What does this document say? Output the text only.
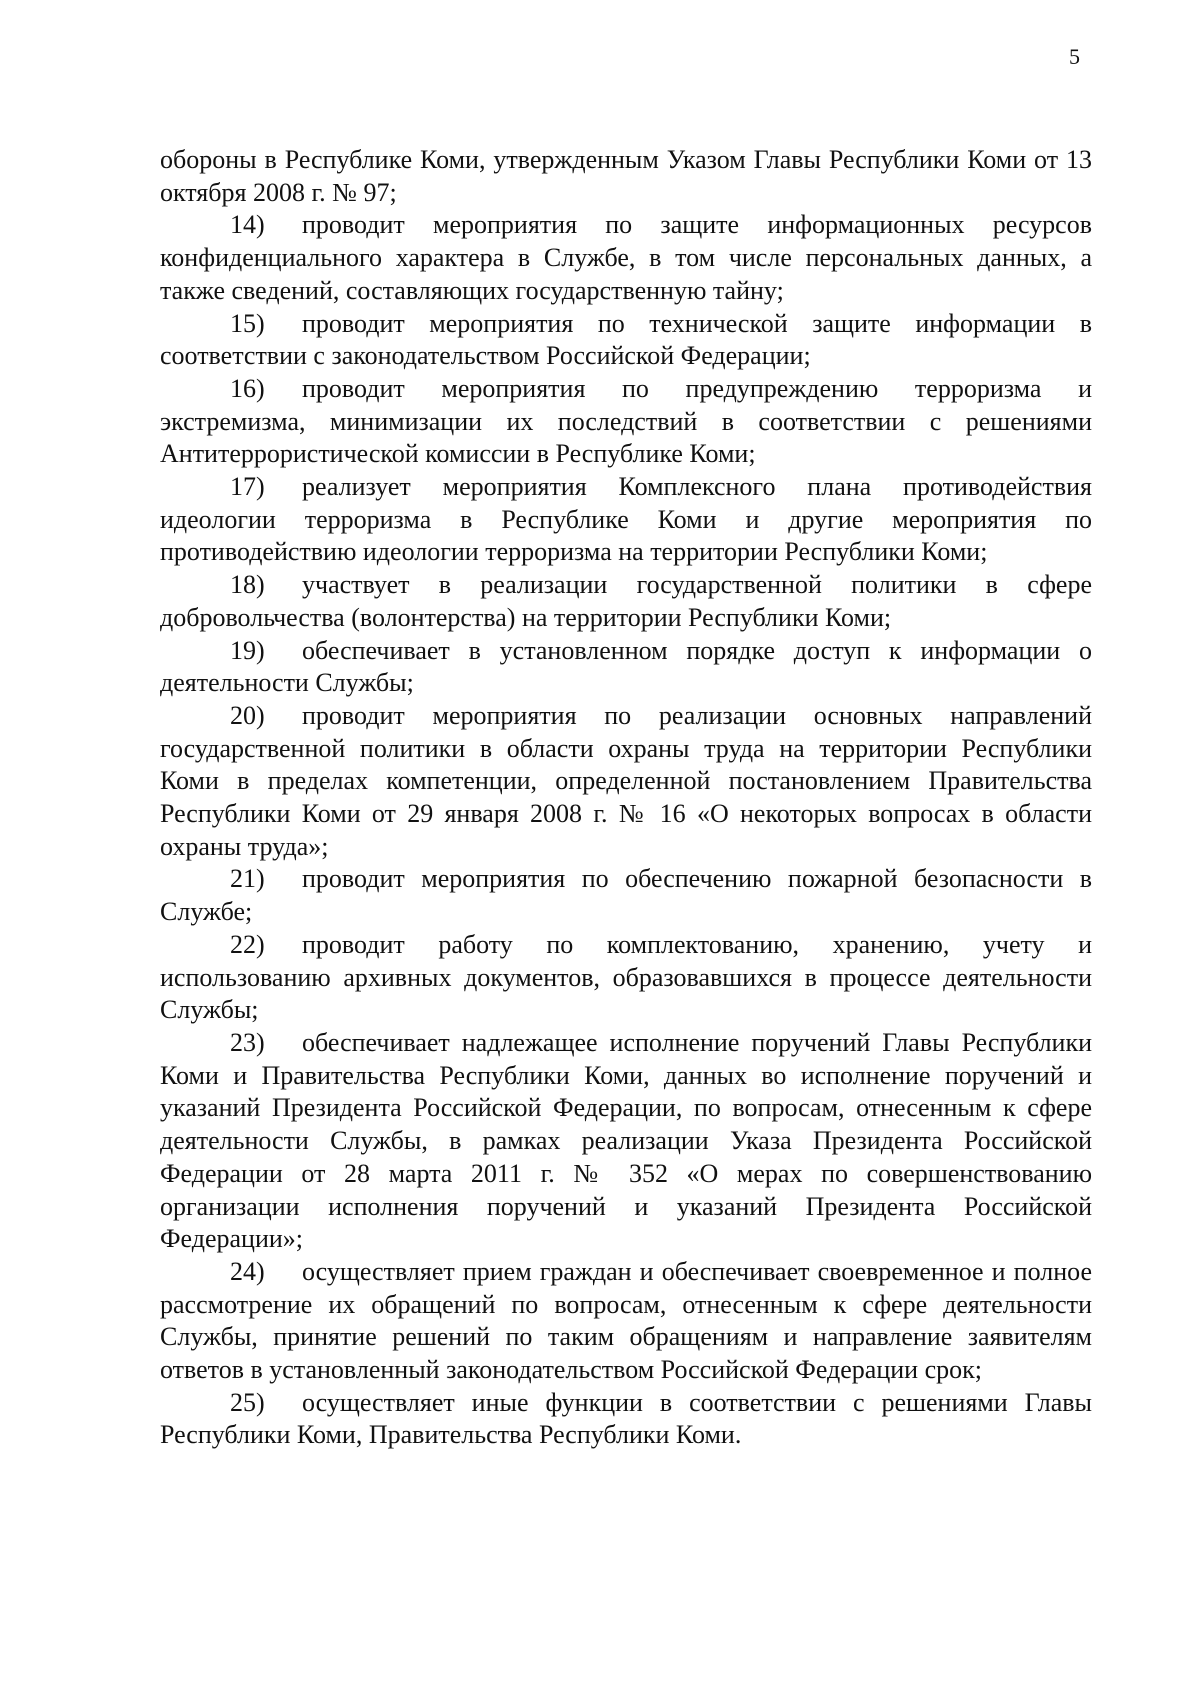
5

обороны в Республике Коми, утвержденным Указом Главы Республики Коми от 13 октября 2008 г. № 97;

14) проводит мероприятия по защите информационных ресурсов конфиденциального характера в Службе, в том числе персональных данных, а также сведений, составляющих государственную тайну;

15) проводит мероприятия по технической защите информации в соответствии с законодательством Российской Федерации;

16) проводит мероприятия по предупреждению терроризма и экстремизма, минимизации их последствий в соответствии с решениями Антитеррористической комиссии в Республике Коми;

17) реализует мероприятия Комплексного плана противодействия идеологии терроризма в Республике Коми и другие мероприятия по противодействию идеологии терроризма на территории Республики Коми;

18) участвует в реализации государственной политики в сфере добровольчества (волонтерства) на территории Республики Коми;

19) обеспечивает в установленном порядке доступ к информации о деятельности Службы;

20) проводит мероприятия по реализации основных направлений государственной политики в области охраны труда на территории Республики Коми в пределах компетенции, определенной постановлением Правительства Республики Коми от 29 января 2008 г. № 16 «О некоторых вопросах в области охраны труда»;

21) проводит мероприятия по обеспечению пожарной безопасности в Службе;

22) проводит работу по комплектованию, хранению, учету и использованию архивных документов, образовавшихся в процессе деятельности Службы;

23) обеспечивает надлежащее исполнение поручений Главы Республики Коми и Правительства Республики Коми, данных во исполнение поручений и указаний Президента Российской Федерации, по вопросам, отнесенным к сфере деятельности Службы, в рамках реализации Указа Президента Российской Федерации от 28 марта 2011 г. № 352 «О мерах по совершенствованию организации исполнения поручений и указаний Президента Российской Федерации»;

24) осуществляет прием граждан и обеспечивает своевременное и полное рассмотрение их обращений по вопросам, отнесенным к сфере деятельности Службы, принятие решений по таким обращениям и направление заявителям ответов в установленный законодательством Российской Федерации срок;

25) осуществляет иные функции в соответствии с решениями Главы Республики Коми, Правительства Республики Коми.
